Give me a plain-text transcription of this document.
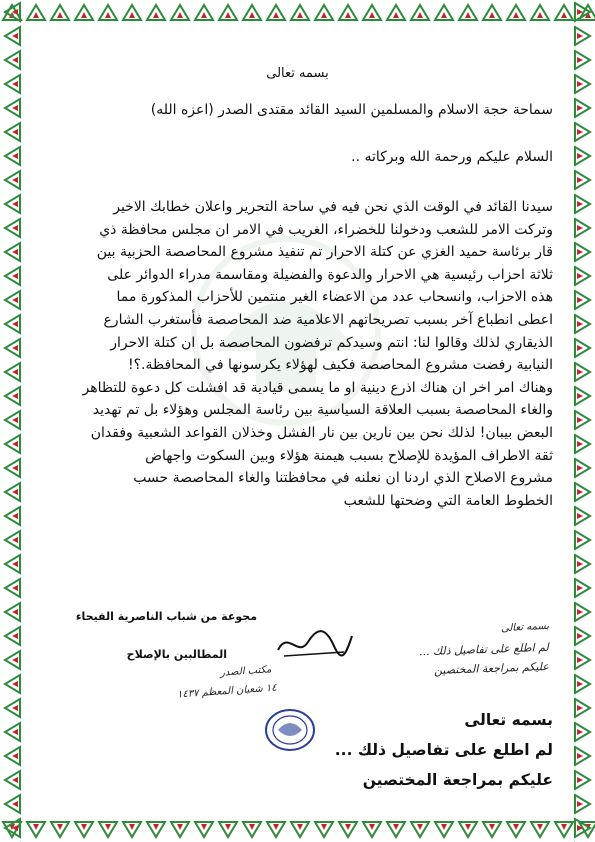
بسمه تعالى
سماحة حجة الاسلام والمسلمين السيد القائد مقتدى الصدر (اعزه الله)
السلام عليكم ورحمة الله وبركاته ..

سيدنا القائد في الوقت الذي نحن فيه في ساحة التحرير واعلان خطابك الاخير

وتركت الامر للشعب ودخولنا للخضراء، الغريب في الامر ان مجلس محافظة ذي

قار برئاسة حميد الغزي عن كتلة الاحرار تم تنفيذ مشروع المحاصصة الحزبية بين

ثلاثة احزاب رئيسية هي الاحرار والدعوة والفضيلة ومقاسمة مدراء الدوائر على

هذه الاحزاب، وانسحاب عدد من الاعضاء الغير منتمين للأحزاب المذكورة مما

اعطى انطباع آخر بسبب تصريحاتهم الاعلامية ضد المحاصصة فأستغرب الشارع

الذيقاري لذلك وقالوا لنا: انتم وسيدكم ترفضون المحاصصة بل ان كتلة الاحرار

النيابية رفضت مشروع المحاصصة فكيف لهؤلاء يكرسونها في المحافظة.؟!

وهناك امر اخر ان هناك اذرع دينية او ما يسمى قيادية قد افشلت كل دعوة للتظاهر

والغاء المحاصصة بسبب العلاقة السياسية بين رئاسة المجلس وهؤلاء بل تم تهديد

البعض بيبان! لذلك نحن بين نارين بين نار الفشل وخذلان القواعد الشعبية وفقدان

ثقة الاطراف المؤيدة للإصلاح بسبب هيمنة هؤلاء وبين السكوت واجهاض

مشروع الاصلاح الذي اردنا ان نعلنه في محافظتنا والغاء المحاصصة حسب

الخطوط العامة التي وضحتها للشعب

مجوعة من شباب الناصرية الفيحاء
المطالبين بالإصلاح
بسمه تعالى
لم اطلع على تفاصيل ذلك ...
عليكم بمراجعة المختصين
مكتب الصدر
١٤ شعبان المعظم ١٤٣٧
بسمه تعالى
لم اطلع على تفاصيل ذلك ...
عليكم بمراجعة المختصين
